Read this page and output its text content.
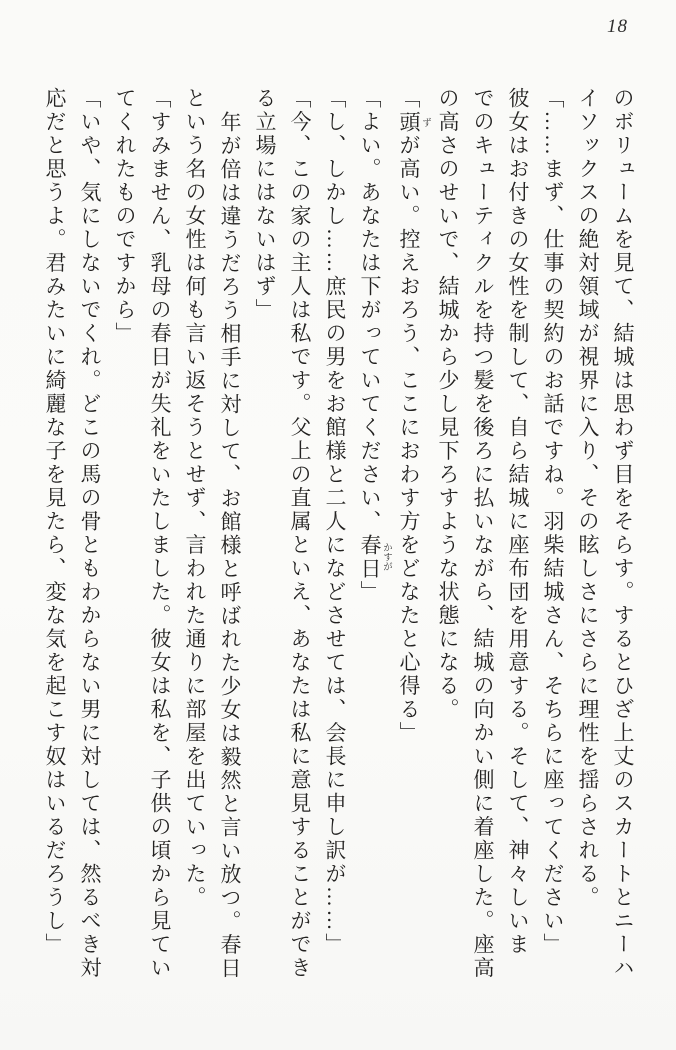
18
のボリュームを見て、結城は思わず目をそらす。するとひざ上丈のスカートとニーハ
イソックスの絶対領域が視界に入り、その眩しさにさらに理性を揺らされる。
「……まず、仕事の契約のお話ですね。羽柴結城さん、そちらに座ってください」
彼女はお付きの女性を制して、自ら結城に座布団を用意する。そして、神々しいま
でのキューティクルを持つ髪を後ろに払いながら、結城の向かい側に着座した。座高
の高さのせいで、結城から少し見下ろすような状態になる。
「頭 ずが高い。控えおろう、ここにおわす方をどなたと心得る」
「よい。あなたは下がっていてください、春日 かすが」
「し、しかし……庶民の男をお館様と二人になどさせては、会長に申し訳が……」
「今、この家の主人は私です。父上の直属といえ、あなたは私に意見することができ
る立場にはないはず」
年が倍は違うだろう相手に対して、お館様と呼ばれた少女は毅然と言い放つ。春日
という名の女性は何も言い返そうとせず、言われた通りに部屋を出ていった。
「すみません、乳母の春日が失礼をいたしました。彼女は私を、子供の頃から見てい
てくれたものですから」
「いや、気にしないでくれ。どこの馬の骨ともわからない男に対しては、然るべき対
応だと思うよ。君みたいに綺麗な子を見たら、変な気を起こす奴はいるだろうし」
